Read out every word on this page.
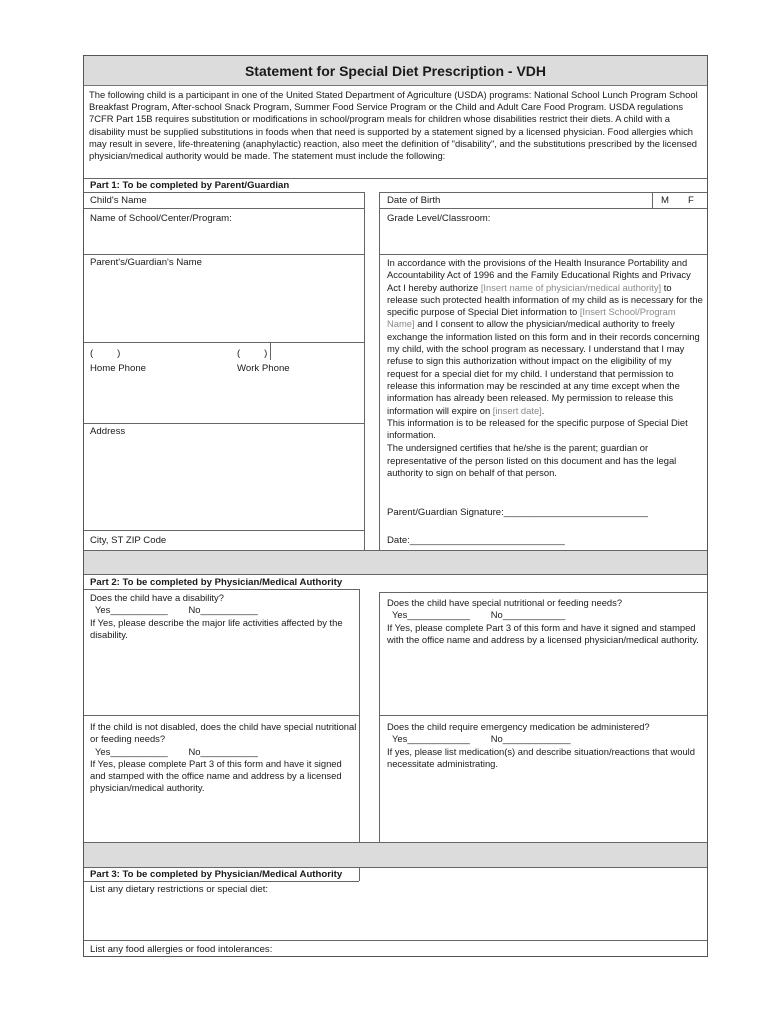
Statement for Special Diet Prescription - VDH
The following child is a participant in one of the United Stated Department of Agriculture (USDA) programs: National School Lunch Program School Breakfast Program, After-school Snack Program, Summer Food Service Program or the Child and Adult Care Food Program. USDA regulations 7CFR Part 15B requires substitution or modifications in school/program meals for children whose disabilities restrict their diets. A child with a disability must be supplied substitutions in foods when that need is supported by a statement signed by a licensed physician. Food allergies which may result in severe, life-threatening (anaphylactic) reaction, also meet the definition of "disability", and the substitutions prescribed by the licensed physician/medical authority would be made. The statement must include the following:
Part 1: To be completed by Parent/Guardian
Child's Name	Date of Birth	M F
Name of School/Center/Program:	Grade Level/Classroom:
Parent's/Guardian's Name
(         )	(         )
Home Phone	Work Phone
Address
City, ST ZIP Code

In accordance with the provisions of the Health Insurance Portability and Accountability Act of 1996 and the Family Educational Rights and Privacy Act I hereby authorize [Insert name of physician/medical authority] to release such protected health information of my child as is necessary for the specific purpose of Special Diet information to [Insert School/Program Name] and I consent to allow the physician/medical authority to freely exchange the information listed on this form and in their records concerning my child, with the school program as necessary. I understand that I may refuse to sign this authorization without impact on the eligibility of my request for a special diet for my child. I understand that permission to release this information may be rescinded at any time except when the information has already been released. My permission to release this information will expire on [insert date].

This information is to be released for the specific purpose of Special Diet information.

The undersigned certifies that he/she is the parent; guardian or representative of the person listed on this document and has the legal authority to sign on behalf of that person.

Parent/Guardian Signature:___________________________
Date:_____________________________
Part 2: To be completed by Physician/Medical Authority

Does the child have a disability?

Yes___________        No___________

If Yes, please describe the major life activities affected by the disability.

Does the child have special nutritional or feeding needs?

Yes____________        No____________

If Yes, please complete Part 3 of this form and have it signed and stamped with the office name and address by a licensed physician/medical authority.

If the child is not disabled, does the child have special nutritional or feeding needs?

Yes___________        No___________

If Yes, please complete Part 3 of this form and have it signed and stamped with the office name and address by a licensed physician/medical authority.

Does the child require emergency medication be administered?

Yes____________        No_____________

If yes, please list medication(s) and describe situation/reactions that would necessitate administrating.

Part 3: To be completed by Physician/Medical Authority
List any dietary restrictions or special diet:
List any food allergies or food intolerances:
